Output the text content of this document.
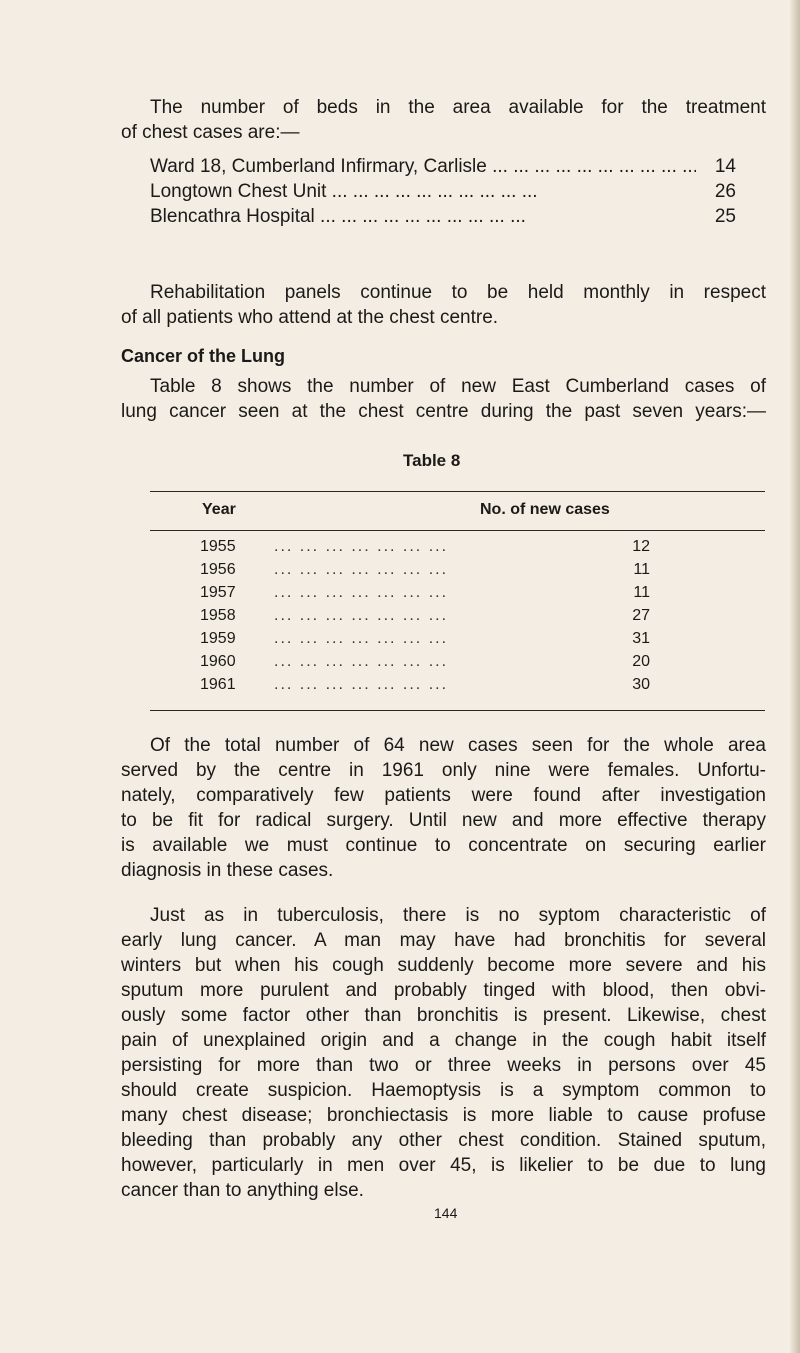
The number of beds in the area available for the treatment
of chest cases are:—
Ward 18, Cumberland Infirmary, Carlisle ... .	14
Longtown Chest Unit ... .	26
Blencathra Hospital ... .	25
Rehabilitation panels continue to be held monthly in respect
of all patients who attend at the chest centre.
Cancer of the Lung
Table 8 shows the number of new East Cumberland cases of
lung cancer seen at the chest centre during the past seven years:—
Table 8
Year	No. of new cases
1955	... ... ... ... ... ... ...	12
1956	... ... ... ... ... ... ...	11
1957	... ... ... ... ... ... ...	11
1958	... ... ... ... ... ... ...	27
1959	... ... ... ... ... ... ...	31
1960	... ... ... ... ... ... ...	20
1961	... ... ... ... ... ... ...	30
Of the total number of 64 new cases seen for the whole area
served by the centre in 1961 only nine were females. Unfortu-
nately, comparatively few patients were found after investigation
to be fit for radical surgery. Until new and more effective therapy
is available we must continue to concentrate on securing earlier
diagnosis in these cases.
Just as in tuberculosis, there is no syptom characteristic of
early lung cancer. A man may have had bronchitis for several
winters but when his cough suddenly become more severe and his
sputum more purulent and probably tinged with blood, then obvi-
ously some factor other than bronchitis is present. Likewise, chest
pain of unexplained origin and a change in the cough habit itself
persisting for more than two or three weeks in persons over 45
should create suspicion. Haemoptysis is a symptom common to
many chest disease; bronchiectasis is more liable to cause profuse
bleeding than probably any other chest condition. Stained sputum,
however, particularly in men over 45, is likelier to be due to lung
cancer than to anything else.
144
